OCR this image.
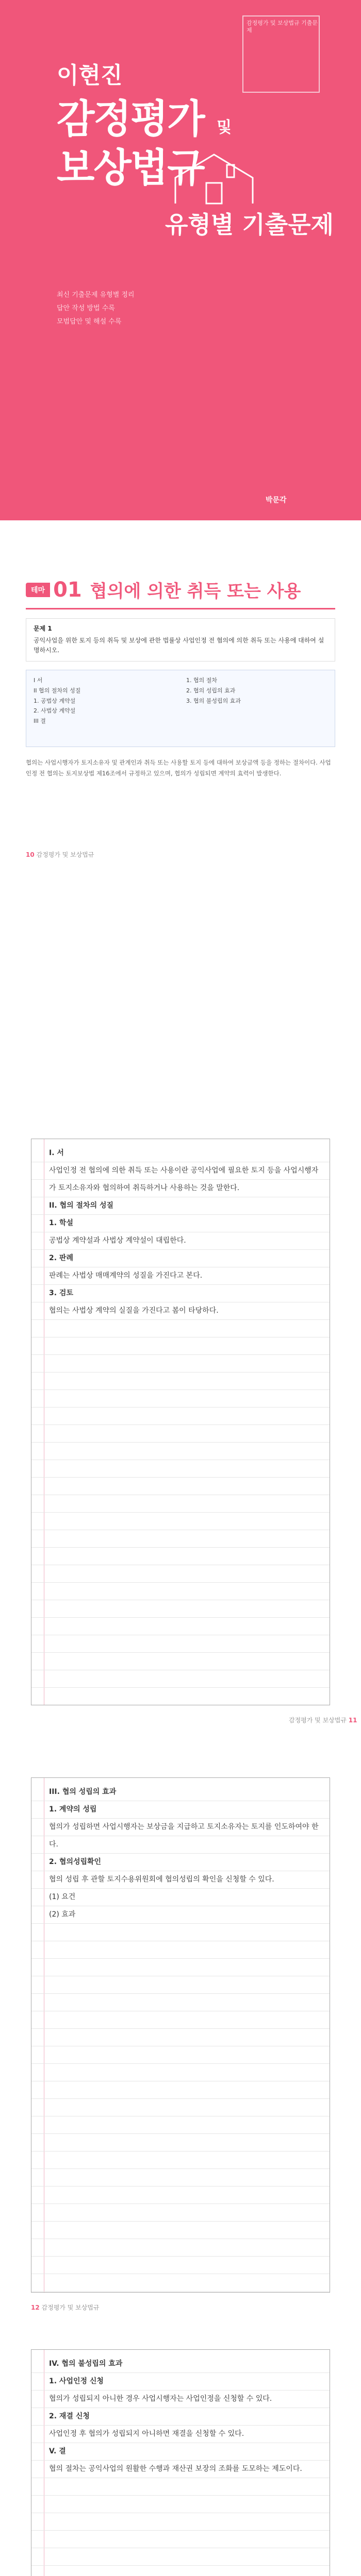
감정평가 및 보상법규 기출문제
이현진
감정평가 및
보상법규
유형별 기출문제
최신 기출문제 유형별 정리
답안 작성 방법 수록
모범답안 및 해설 수록
박문각
테마 01 협의에 의한 취득 또는 사용
문제 1
공익사업을 위한 토지 등의 취득 및 보상에 관한 법률상 사업인정 전 협의에 의한 취득 또는 사용에 대하여 설명하시오.
I 서
II 협의 절차의 성질
1. 공법상 계약설
2. 사법상 계약설
III 결
1. 협의 절차
2. 협의 성립의 효과
3. 협의 불성립의 효과
협의는 사업시행자가 토지소유자 및 관계인과 취득 또는 사용할 토지 등에 대하여 보상금액 등을 정하는 절차이다. 사업인정 전 협의는 토지보상법 제16조에서 규정하고 있으며, 협의가 성립되면 계약의 효력이 발생한다.
10 감정평가 및 보상법규

I. 서

사업인정 전 협의에 의한 취득 또는 사용이란 공익사업에 필요한 토지 등을 사업시행자가 토지소유자와 협의하여 취득하거나 사용하는 것을 말한다.

II. 협의 절차의 성질

1. 학설

공법상 계약설과 사법상 계약설이 대립한다.

2. 판례

판례는 사법상 매매계약의 성질을 가진다고 본다.

3. 검토

협의는 사법상 계약의 실질을 가진다고 봄이 타당하다.

감정평가 및 보상법규 11

III. 협의 성립의 효과

1. 계약의 성립

협의가 성립하면 사업시행자는 보상금을 지급하고 토지소유자는 토지를 인도하여야 한다.

2. 협의성립확인

협의 성립 후 관할 토지수용위원회에 협의성립의 확인을 신청할 수 있다.

(1) 요건

(2) 효과

12 감정평가 및 보상법규

IV. 협의 불성립의 효과

1. 사업인정 신청

협의가 성립되지 아니한 경우 사업시행자는 사업인정을 신청할 수 있다.

2. 재결 신청

사업인정 후 협의가 성립되지 아니하면 재결을 신청할 수 있다.

V. 결

협의 절차는 공익사업의 원활한 수행과 재산권 보장의 조화를 도모하는 제도이다.
